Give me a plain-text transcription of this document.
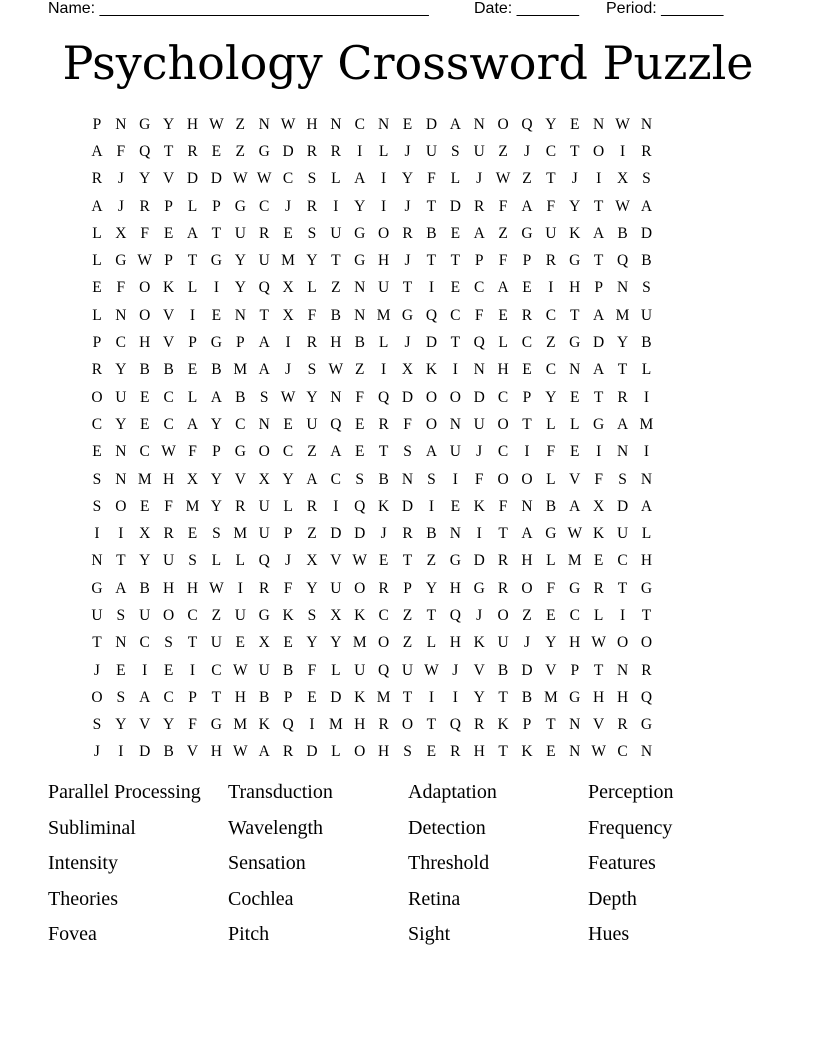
Name: _____________________________________	Date: _______ Period: _______
Psychology Crossword Puzzle
P N G Y H W Z N W H N C N E D A N O Q Y E N W N
A F Q T R E Z G D R R	I	L	J U S U Z	J	C T O	I	R
R	J Y V D D W W C S L A	I	Y F L	J W Z T	J	I	X S
A J	R P L P G C	J	R	I	Y	I	J	T D R F A F Y T W A
L X F E A T U R E S U G O R B E A Z G U K A B D
L G W P T G Y U M Y T G H J	T T P F P R G T Q B
E F O K L	I	Y Q X L Z N U T	I	E C A E	I	H P N S
L N O V	I	E N T X F B N M G Q C F E R C T A M U
P C H V P G P A	I	R H B L	J D T Q L C Z G D Y B
R Y B B E B M A J	S W Z	I	X K	I	N H E C N A T L
O U E C L A B S W Y N F Q D O O D C P Y E T R	I
C Y E C A Y C N E U Q E R F O N U O T L L G A M
E N C W F P G O C Z A E T S A U J	C	I	F E	I	N	I
S N M H X Y V X Y A C S B N S	I	F O O L V F S N
S O E F M Y R U L R	I	Q K D	I	E K F N B A X D A
I	I	X R E S M U P Z D D J	R B N	I	T A G W K U L
N T Y U S L L Q J X V W E T Z G D R H L M E C H
G A B H H W I	R F Y U O R P Y H G R O F G R T G
U S U O C Z U G K S X K C Z T Q J O Z E C L	I	T
T N C S T U E X E Y Y M O Z L H K U J Y H W O O
J	E	I	E	I	C W U B F L U Q U W J V B D V P T N R
O S A C P T H B P E D K M T	I	I	Y T B M G H H Q
S Y V Y F G M K Q	I M H R O T Q R K P T N V R G
J	I	D B V H W A R D L O H S E R H T K E N W C N
Parallel Processing	Transduction	Adaptation	Perception
Subliminal	Wavelength	Detection	Frequency
Intensity	Sensation	Threshold	Features
Theories	Cochlea	Retina	Depth
Fovea	Pitch	Sight	Hues
